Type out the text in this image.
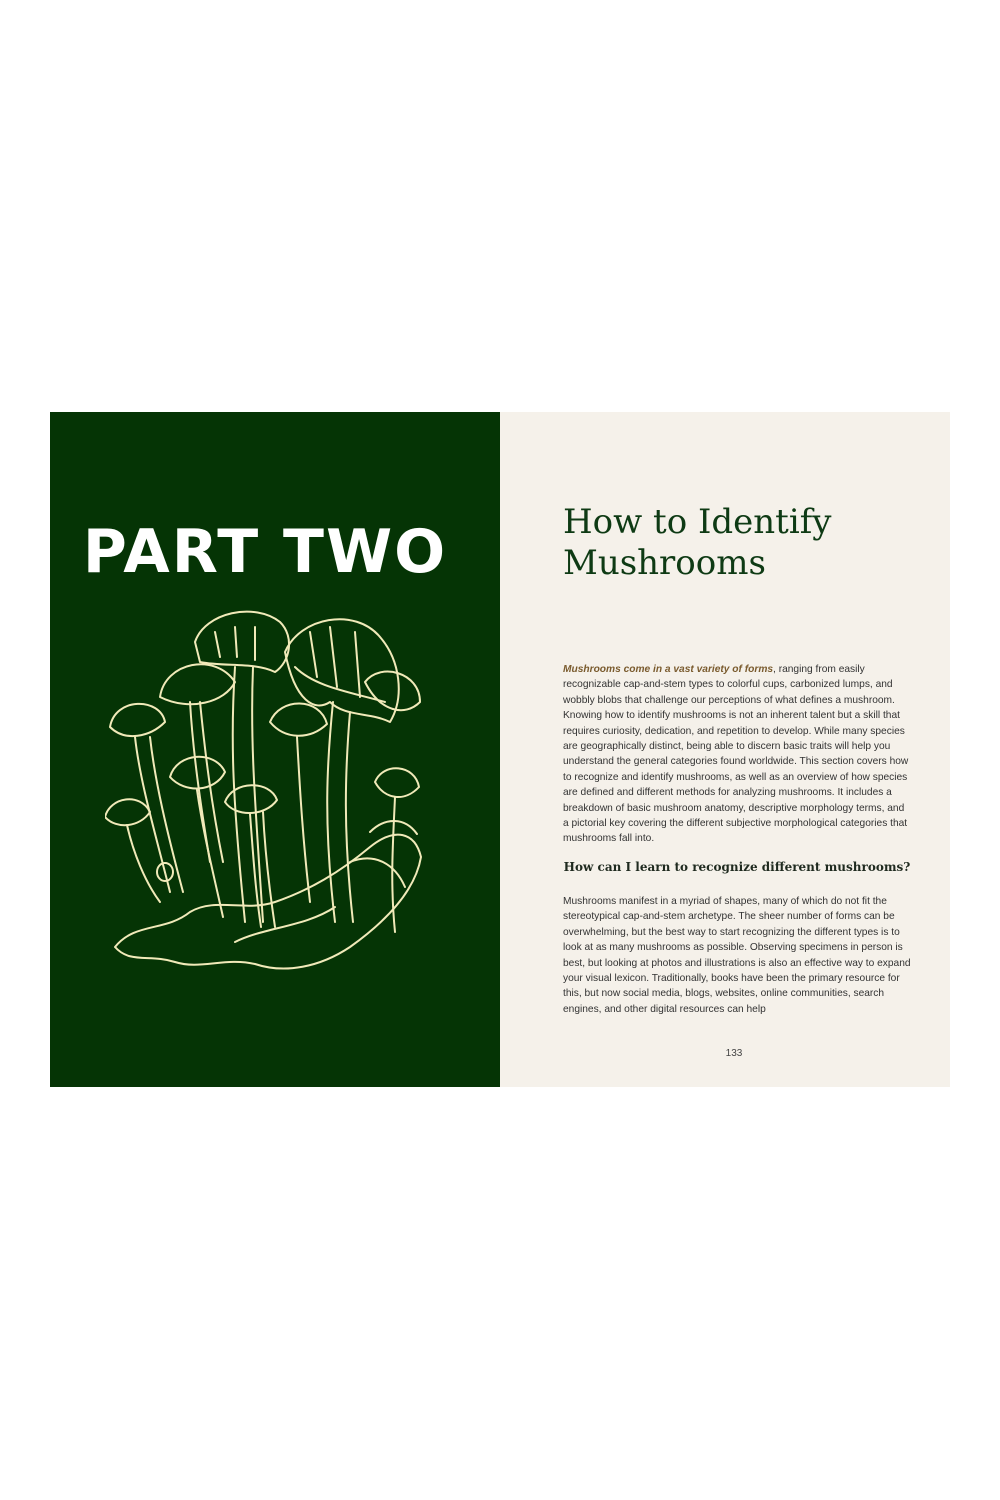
PART TWO	How to Identify Mushrooms

Mushrooms come in a vast variety of forms, ranging from easily recognizable cap-and-stem types to colorful cups, carbonized lumps, and wobbly blobs that challenge our perceptions of what defines a mushroom. Knowing how to identify mushrooms is not an inherent talent but a skill that requires curiosity, dedication, and repetition to develop. While many species are geographically distinct, being able to discern basic traits will help you understand the general categories found worldwide. This section covers how to recognize and identify mushrooms, as well as an overview of how species are defined and different methods for analyzing mushrooms. It includes a breakdown of basic mushroom anatomy, descriptive morphology terms, and a pictorial key covering the different subjective morphological categories that mushrooms fall into.

How can I learn to recognize different mushrooms?

Mushrooms manifest in a myriad of shapes, many of which do not fit the stereotypical cap-and-stem archetype. The sheer number of forms can be overwhelming, but the best way to start recognizing the different types is to look at as many mushrooms as possible. Observing specimens in person is best, but looking at photos and illustrations is also an effective way to expand your visual lexicon. Traditionally, books have been the primary resource for this, but now social media, blogs, websites, online communities, search engines, and other digital resources can help

133
